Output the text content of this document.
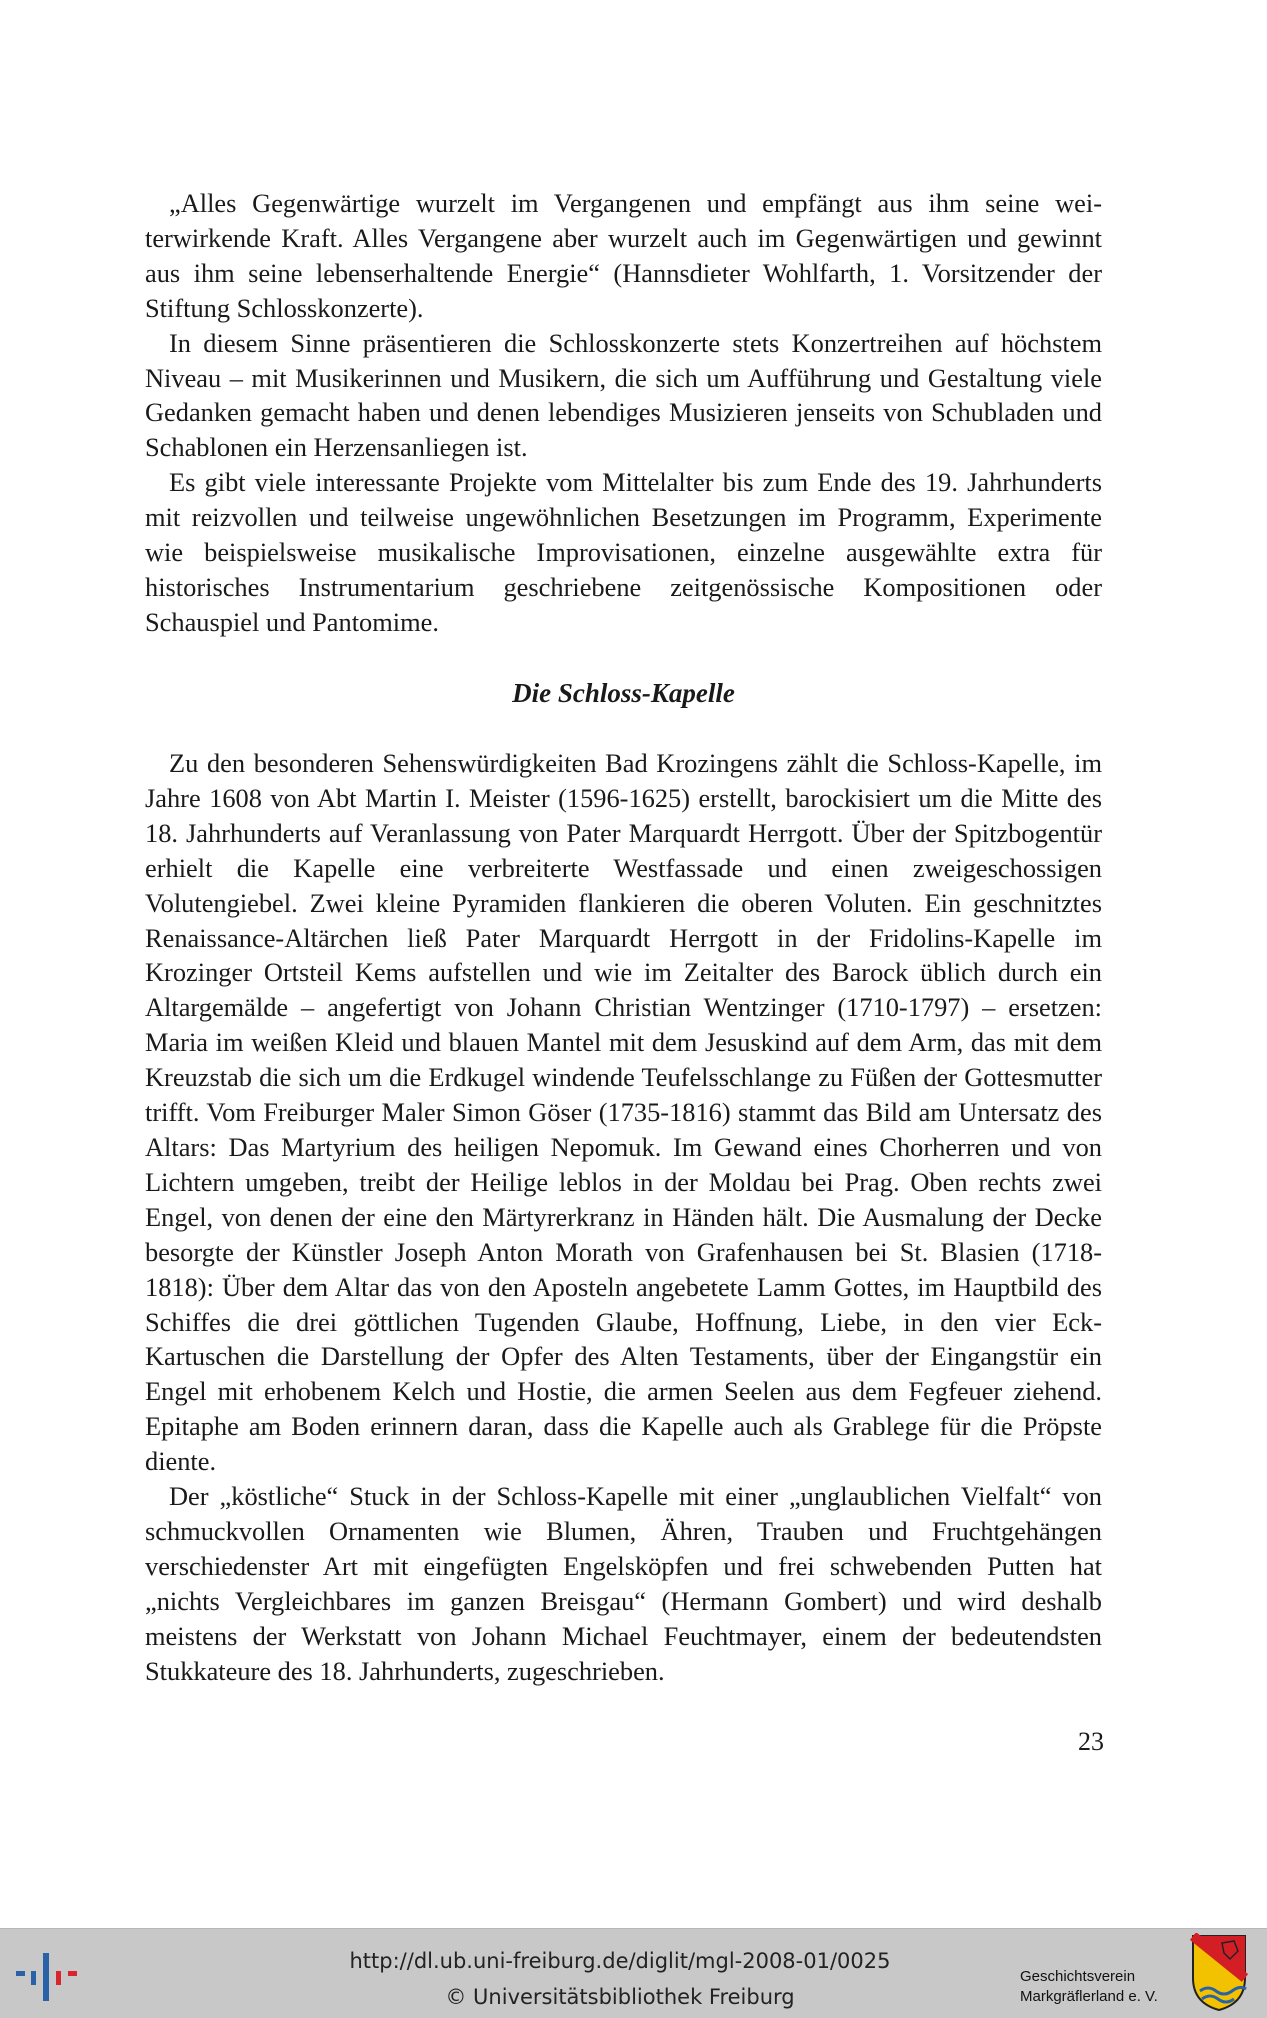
„Alles Gegenwärtige wurzelt im Vergangenen und empfängt aus ihm seine weiterwirkende Kraft. Alles Vergangene aber wurzelt auch im Gegenwärtigen und gewinnt aus ihm seine lebenserhaltende Energie“ (Hannsdieter Wohlfarth, 1. Vorsitzender der Stiftung Schlosskonzerte).

In diesem Sinne präsentieren die Schlosskonzerte stets Konzertreihen auf höchstem Niveau – mit Musikerinnen und Musikern, die sich um Aufführung und Gestaltung viele Gedanken gemacht haben und denen lebendiges Musizieren jenseits von Schubladen und Schablonen ein Herzensanliegen ist.

Es gibt viele interessante Projekte vom Mittelalter bis zum Ende des 19. Jahrhunderts mit reizvollen und teilweise ungewöhnlichen Besetzungen im Programm, Experimente wie beispielsweise musikalische Improvisationen, einzelne ausgewählte extra für historisches Instrumentarium geschriebene zeitgenössische Kompositionen oder Schauspiel und Pantomime.

Die Schloss-Kapelle

Zu den besonderen Sehenswürdigkeiten Bad Krozingens zählt die Schloss-Kapelle, im Jahre 1608 von Abt Martin I. Meister (1596-1625) erstellt, barockisiert um die Mitte des 18. Jahrhunderts auf Veranlassung von Pater Marquardt Herrgott. Über der Spitzbogentür erhielt die Kapelle eine verbreiterte Westfassade und einen zweigeschossigen Volutengiebel. Zwei kleine Pyramiden flankieren die oberen Voluten. Ein geschnitztes Renaissance-Altärchen ließ Pater Marquardt Herrgott in der Fridolins-Kapelle im Krozinger Ortsteil Kems aufstellen und wie im Zeitalter des Barock üblich durch ein Altargemälde – angefertigt von Johann Christian Wentzinger (1710-1797) – ersetzen: Maria im weißen Kleid und blauen Mantel mit dem Jesuskind auf dem Arm, das mit dem Kreuzstab die sich um die Erdkugel windende Teufelsschlange zu Füßen der Gottesmutter trifft. Vom Freiburger Maler Simon Göser (1735-1816) stammt das Bild am Untersatz des Altars: Das Martyrium des heiligen Nepomuk. Im Gewand eines Chorherren und von Lichtern umgeben, treibt der Heilige leblos in der Moldau bei Prag. Oben rechts zwei Engel, von denen der eine den Märtyrerkranz in Händen hält. Die Ausmalung der Decke besorgte der Künstler Joseph Anton Morath von Grafenhausen bei St. Blasien (1718-1818): Über dem Altar das von den Aposteln angebetete Lamm Gottes, im Hauptbild des Schiffes die drei göttlichen Tugenden Glaube, Hoffnung, Liebe, in den vier Eck-Kartuschen die Darstellung der Opfer des Alten Testaments, über der Eingangstür ein Engel mit erhobenem Kelch und Hostie, die armen Seelen aus dem Fegfeuer ziehend. Epitaphe am Boden erinnern daran, dass die Kapelle auch als Grablege für die Pröpste diente.

Der „köstliche“ Stuck in der Schloss-Kapelle mit einer „unglaublichen Vielfalt“ von schmuckvollen Ornamenten wie Blumen, Ähren, Trauben und Fruchtgehängen verschiedenster Art mit eingefügten Engelsköpfen und frei schwebenden Putten hat „nichts Vergleichbares im ganzen Breisgau“ (Hermann Gombert) und wird deshalb meistens der Werkstatt von Johann Michael Feuchtmayer, einem der bedeutendsten Stukkateure des 18. Jahrhunderts, zugeschrieben.

23
http://dl.ub.uni-freiburg.de/diglit/mgl-2008-01/0025
© Universitätsbibliothek Freiburg
Geschichtsverein
Markgräflerland e. V.
